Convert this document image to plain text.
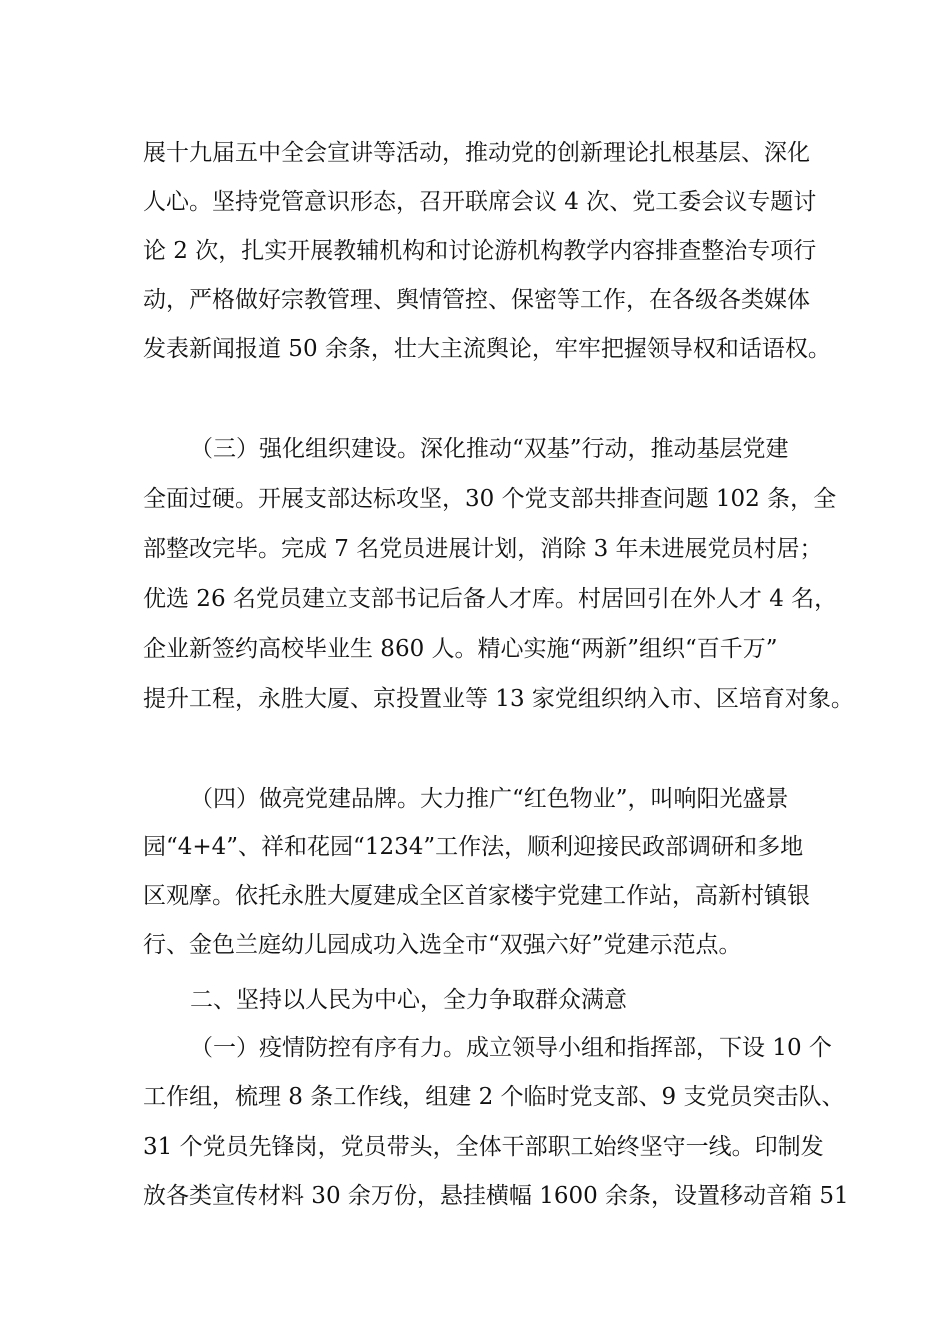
展十九届五中全会宣讲等活动，推动党的创新理论扎根基层、深化
人心。坚持党管意识形态，召开联席会议 4 次、党工委会议专题讨
论 2 次，扎实开展教辅机构和讨论游机构教学内容排查整治专项行
动，严格做好宗教管理、舆情管控、保密等工作，在各级各类媒体
发表新闻报道 50 余条，壮大主流舆论，牢牢把握领导权和话语权。
（三）强化组织建设。深化推动“双基”行动，推动基层党建
全面过硬。开展支部达标攻坚，30 个党支部共排查问题 102 条，全
部整改完毕。完成 7 名党员进展计划，消除 3 年未进展党员村居；
优选 26 名党员建立支部书记后备人才库。村居回引在外人才 4 名，
企业新签约高校毕业生 860 人。精心实施“两新”组织“百千万”
提升工程，永胜大厦、京投置业等 13 家党组织纳入市、区培育对象。
（四）做亮党建品牌。大力推广“红色物业”，叫响阳光盛景
园“4+4”、祥和花园“1234”工作法，顺利迎接民政部调研和多地
区观摩。依托永胜大厦建成全区首家楼宇党建工作站，高新村镇银
行、金色兰庭幼儿园成功入选全市“双强六好”党建示范点。
二、坚持以人民为中心，全力争取群众满意
（一）疫情防控有序有力。成立领导小组和指挥部，下设 10 个
工作组，梳理 8 条工作线，组建 2 个临时党支部、9 支党员突击队、
31 个党员先锋岗，党员带头，全体干部职工始终坚守一线。印制发
放各类宣传材料 30 余万份，悬挂横幅 1600 余条，设置移动音箱 51
